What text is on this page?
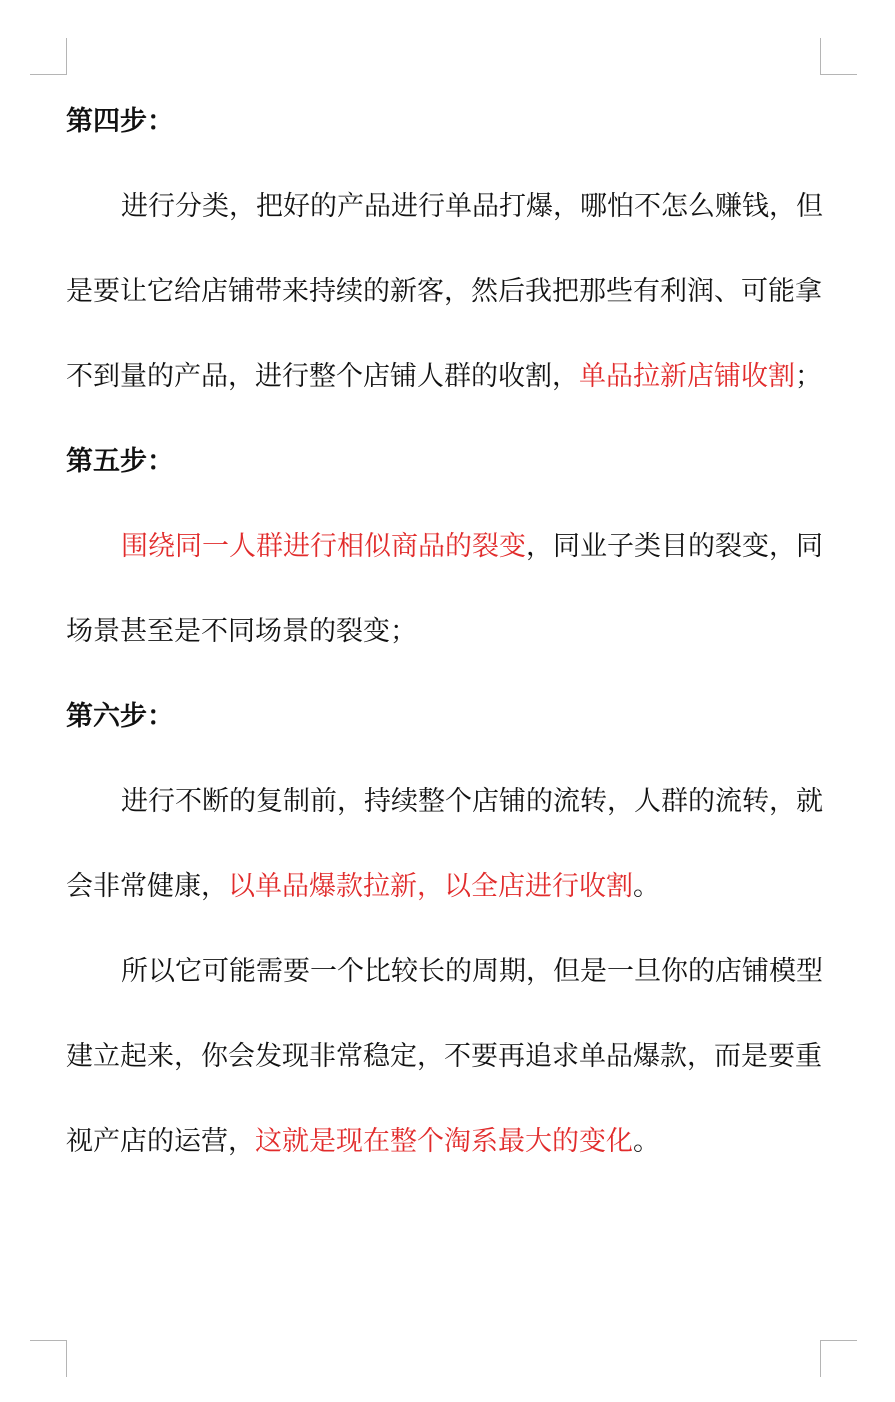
第四步：
进行分类，把好的产品进行单品打爆，哪怕不怎么赚钱，但
是要让它给店铺带来持续的新客，然后我把那些有利润、可能拿
不到量的产品，进行整个店铺人群的收割，单品拉新店铺收割；
第五步：
围绕同一人群进行相似商品的裂变，同业子类目的裂变，同
场景甚至是不同场景的裂变；
第六步：
进行不断的复制前，持续整个店铺的流转，人群的流转，就
会非常健康，以单品爆款拉新，以全店进行收割。
所以它可能需要一个比较长的周期，但是一旦你的店铺模型
建立起来，你会发现非常稳定，不要再追求单品爆款，而是要重
视产店的运营，这就是现在整个淘系最大的变化。
